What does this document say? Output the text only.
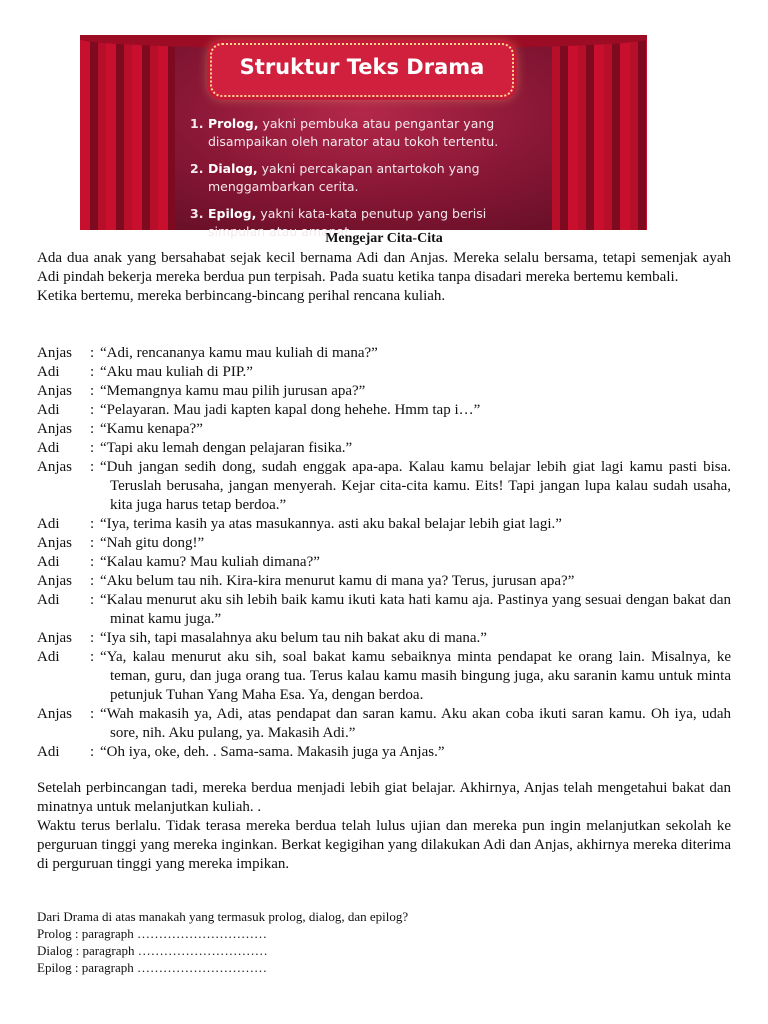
Struktur Teks Drama
1. Prolog, yakni pembuka atau pengantar yang disampaikan oleh narator atau tokoh tertentu.
2. Dialog, yakni percakapan antartokoh yang menggambarkan cerita.
3. Epilog, yakni kata-kata penutup yang berisi simpulan atau amanat
Mengejar Cita-Cita
Ada dua anak yang bersahabat sejak kecil bernama Adi dan Anjas. Mereka selalu bersama, tetapi semenjak ayah Adi pindah bekerja mereka berdua pun terpisah. Pada suatu ketika tanpa disadari mereka bertemu kembali.
Ketika bertemu, mereka berbincang-bincang perihal rencana kuliah.
Anjas	: “Adi, rencananya kamu mau kuliah di mana?”
Adi	: “Aku mau kuliah di PIP.”
Anjas	: “Memangnya kamu mau pilih jurusan apa?”
Adi	: “Pelayaran. Mau jadi kapten kapal dong hehehe. Hmm tap i…”
Anjas	: “Kamu kenapa?”
Adi	: “Tapi aku lemah dengan pelajaran fisika.”
Anjas	: “Duh jangan sedih dong, sudah enggak apa-apa. Kalau kamu belajar lebih giat lagi kamu pasti bisa. Teruslah berusaha, jangan menyerah. Kejar cita-cita kamu. Eits! Tapi jangan lupa kalau sudah usaha, kita juga harus tetap berdoa.”
Adi	: “Iya, terima kasih ya atas masukannya. asti aku bakal belajar lebih giat lagi.”
Anjas	: “Nah gitu dong!”
Adi	: “Kalau kamu? Mau kuliah dimana?”
Anjas	: “Aku belum tau nih. Kira-kira menurut kamu di mana ya? Terus, jurusan apa?”
Adi	: “Kalau menurut aku sih lebih baik kamu ikuti kata hati kamu aja. Pastinya yang sesuai dengan bakat dan minat kamu juga.”
Anjas	: “Iya sih, tapi masalahnya aku belum tau nih bakat aku di mana.”
Adi	: “Ya, kalau menurut aku sih, soal bakat kamu sebaiknya minta pendapat ke orang lain. Misalnya, ke teman, guru, dan juga orang tua. Terus kalau kamu masih bingung juga, aku saranin kamu untuk minta petunjuk Tuhan Yang Maha Esa. Ya, dengan berdoa.
Anjas	: “Wah makasih ya, Adi, atas pendapat dan saran kamu. Aku akan coba ikuti saran kamu. Oh iya, udah sore, nih. Aku pulang, ya. Makasih Adi.”
Adi	: “Oh iya, oke, deh. . Sama-sama. Makasih juga ya Anjas.”
Setelah perbincangan tadi, mereka berdua menjadi lebih giat belajar. Akhirnya, Anjas telah mengetahui bakat dan minatnya untuk melanjutkan kuliah. .
Waktu terus berlalu. Tidak terasa mereka berdua telah lulus ujian dan mereka pun ingin melanjutkan sekolah ke perguruan tinggi yang mereka inginkan. Berkat kegigihan yang dilakukan Adi dan Anjas, akhirnya mereka diterima di perguruan tinggi yang mereka impikan.
Dari Drama di atas manakah yang termasuk prolog, dialog, dan epilog?
Prolog : paragraph …………………………
Dialog : paragraph …………………………
Epilog : paragraph …………………………
